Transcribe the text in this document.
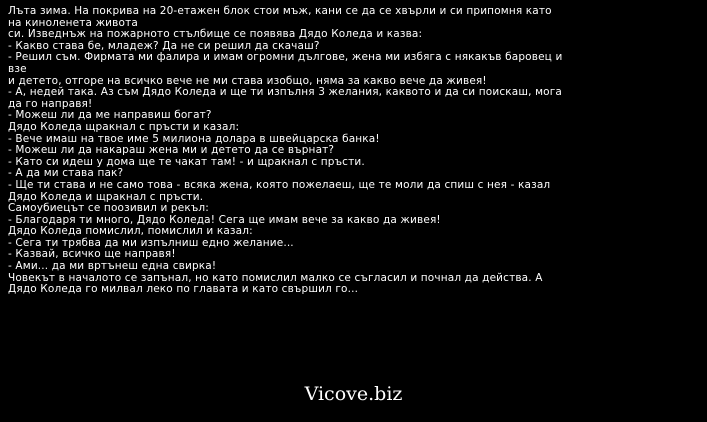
Лъта зима. На покрива на 20-етажен блок стои мъж, кани се да се хвърли и си припомня като
на киноленета живота
си. Изведнъж на пожарното стълбище се появява Дядо Коледа и казва:
- Какво става бе, младеж? Да не си решил да скачаш?
- Решил съм. Фирмата ми фалира и имам огромни дългове, жена ми избяга с някакъв баровец и взе
и детето, отгоре на всичко вече не ми става изобщо, няма за какво вече да живея!
- А, недей така. Аз съм Дядо Коледа и ще ти изпълня 3 желания, каквото и да си поискаш, мога
да го направя!
- Можеш ли да ме направиш богат?
Дядо Коледа щракнал с пръсти и казал:
- Вече имаш на твое име 5 милиона долара в швейцарска банка!
- Можеш ли да накараш жена ми и детето да се върнат?
- Като си идеш у дома ще те чакат там! - и щракнал с пръсти.
- А да ми става пак?
- Ще ти става и не само това - всяка жена, която пожелаеш, ще те моли да спиш с нея - казал
Дядо Коледа и щракнал с пръсти.
Самоубиецът се поозивил и рекъл:
- Благодаря ти много, Дядо Коледа! Сега ще имам вече за какво да живея!
Дядо Коледа помислил, помислил и казал:
- Сега ти трябва да ми изпълниш едно желание...
- Казвай, всичко ще направя!
- Ами... да ми вртънеш една свирка!
Човекът в началото се запънал, но като помислил малко се съгласил и почнал да действа. А
Дядо Коледа го милвал леко по главата и като свършил го...
Vicove.biz
